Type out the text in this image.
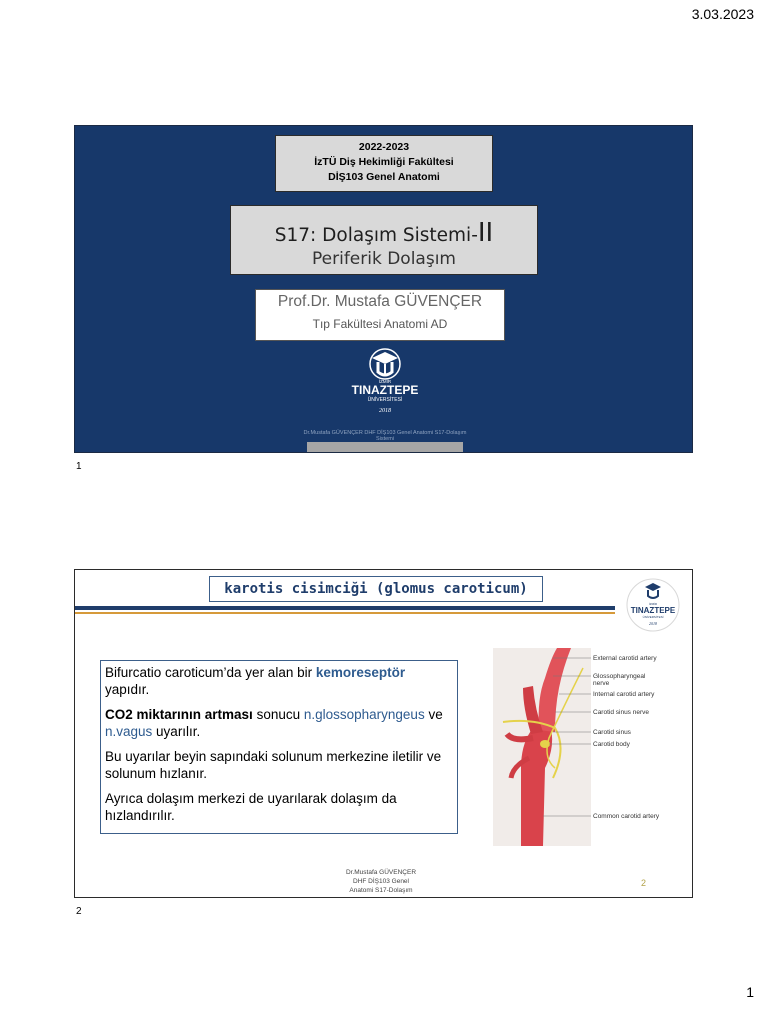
3.03.2023
1
2022-2023
İzTÜ Diş Hekimliği Fakültesi
DİŞ103 Genel Anatomi
S17: Dolaşım Sistemi-II
Periferik Dolaşım
Prof.Dr. Mustafa GÜVENÇER
Tıp Fakültesi Anatomi AD
İZMİR
TINAZTEPE
ÜNİVERSİTESİ
2018
Dr.Mustafa GÜVENÇER DHF DİŞ103 Genel Anatomi S17-Dolaşım Sistemi
1
karotis cisimciği (glomus caroticum)
İZMİR
TINAZTEPE
ÜNİVERSİTESİ
2018

Bifurcatio caroticum’da yer alan bir kemoreseptör yapıdır.

CO2 miktarının artması sonucu n.glossopharyngeus ve n.vagus uyarılır.

Bu uyarılar beyin sapındaki solunum merkezine iletilir ve solunum hızlanır.

Ayrıca dolaşım merkezi de uyarılarak dolaşım da hızlandırılır.

External carotid artery
Glossopharyngeal
nerve
Internal carotid artery
Carotid sinus nerve
Carotid sinus
Carotid body
Common carotid artery
Dr.Mustafa GÜVENÇER
DHF DİŞ103 Genel
Anatomi S17-Dolaşım
2
2
